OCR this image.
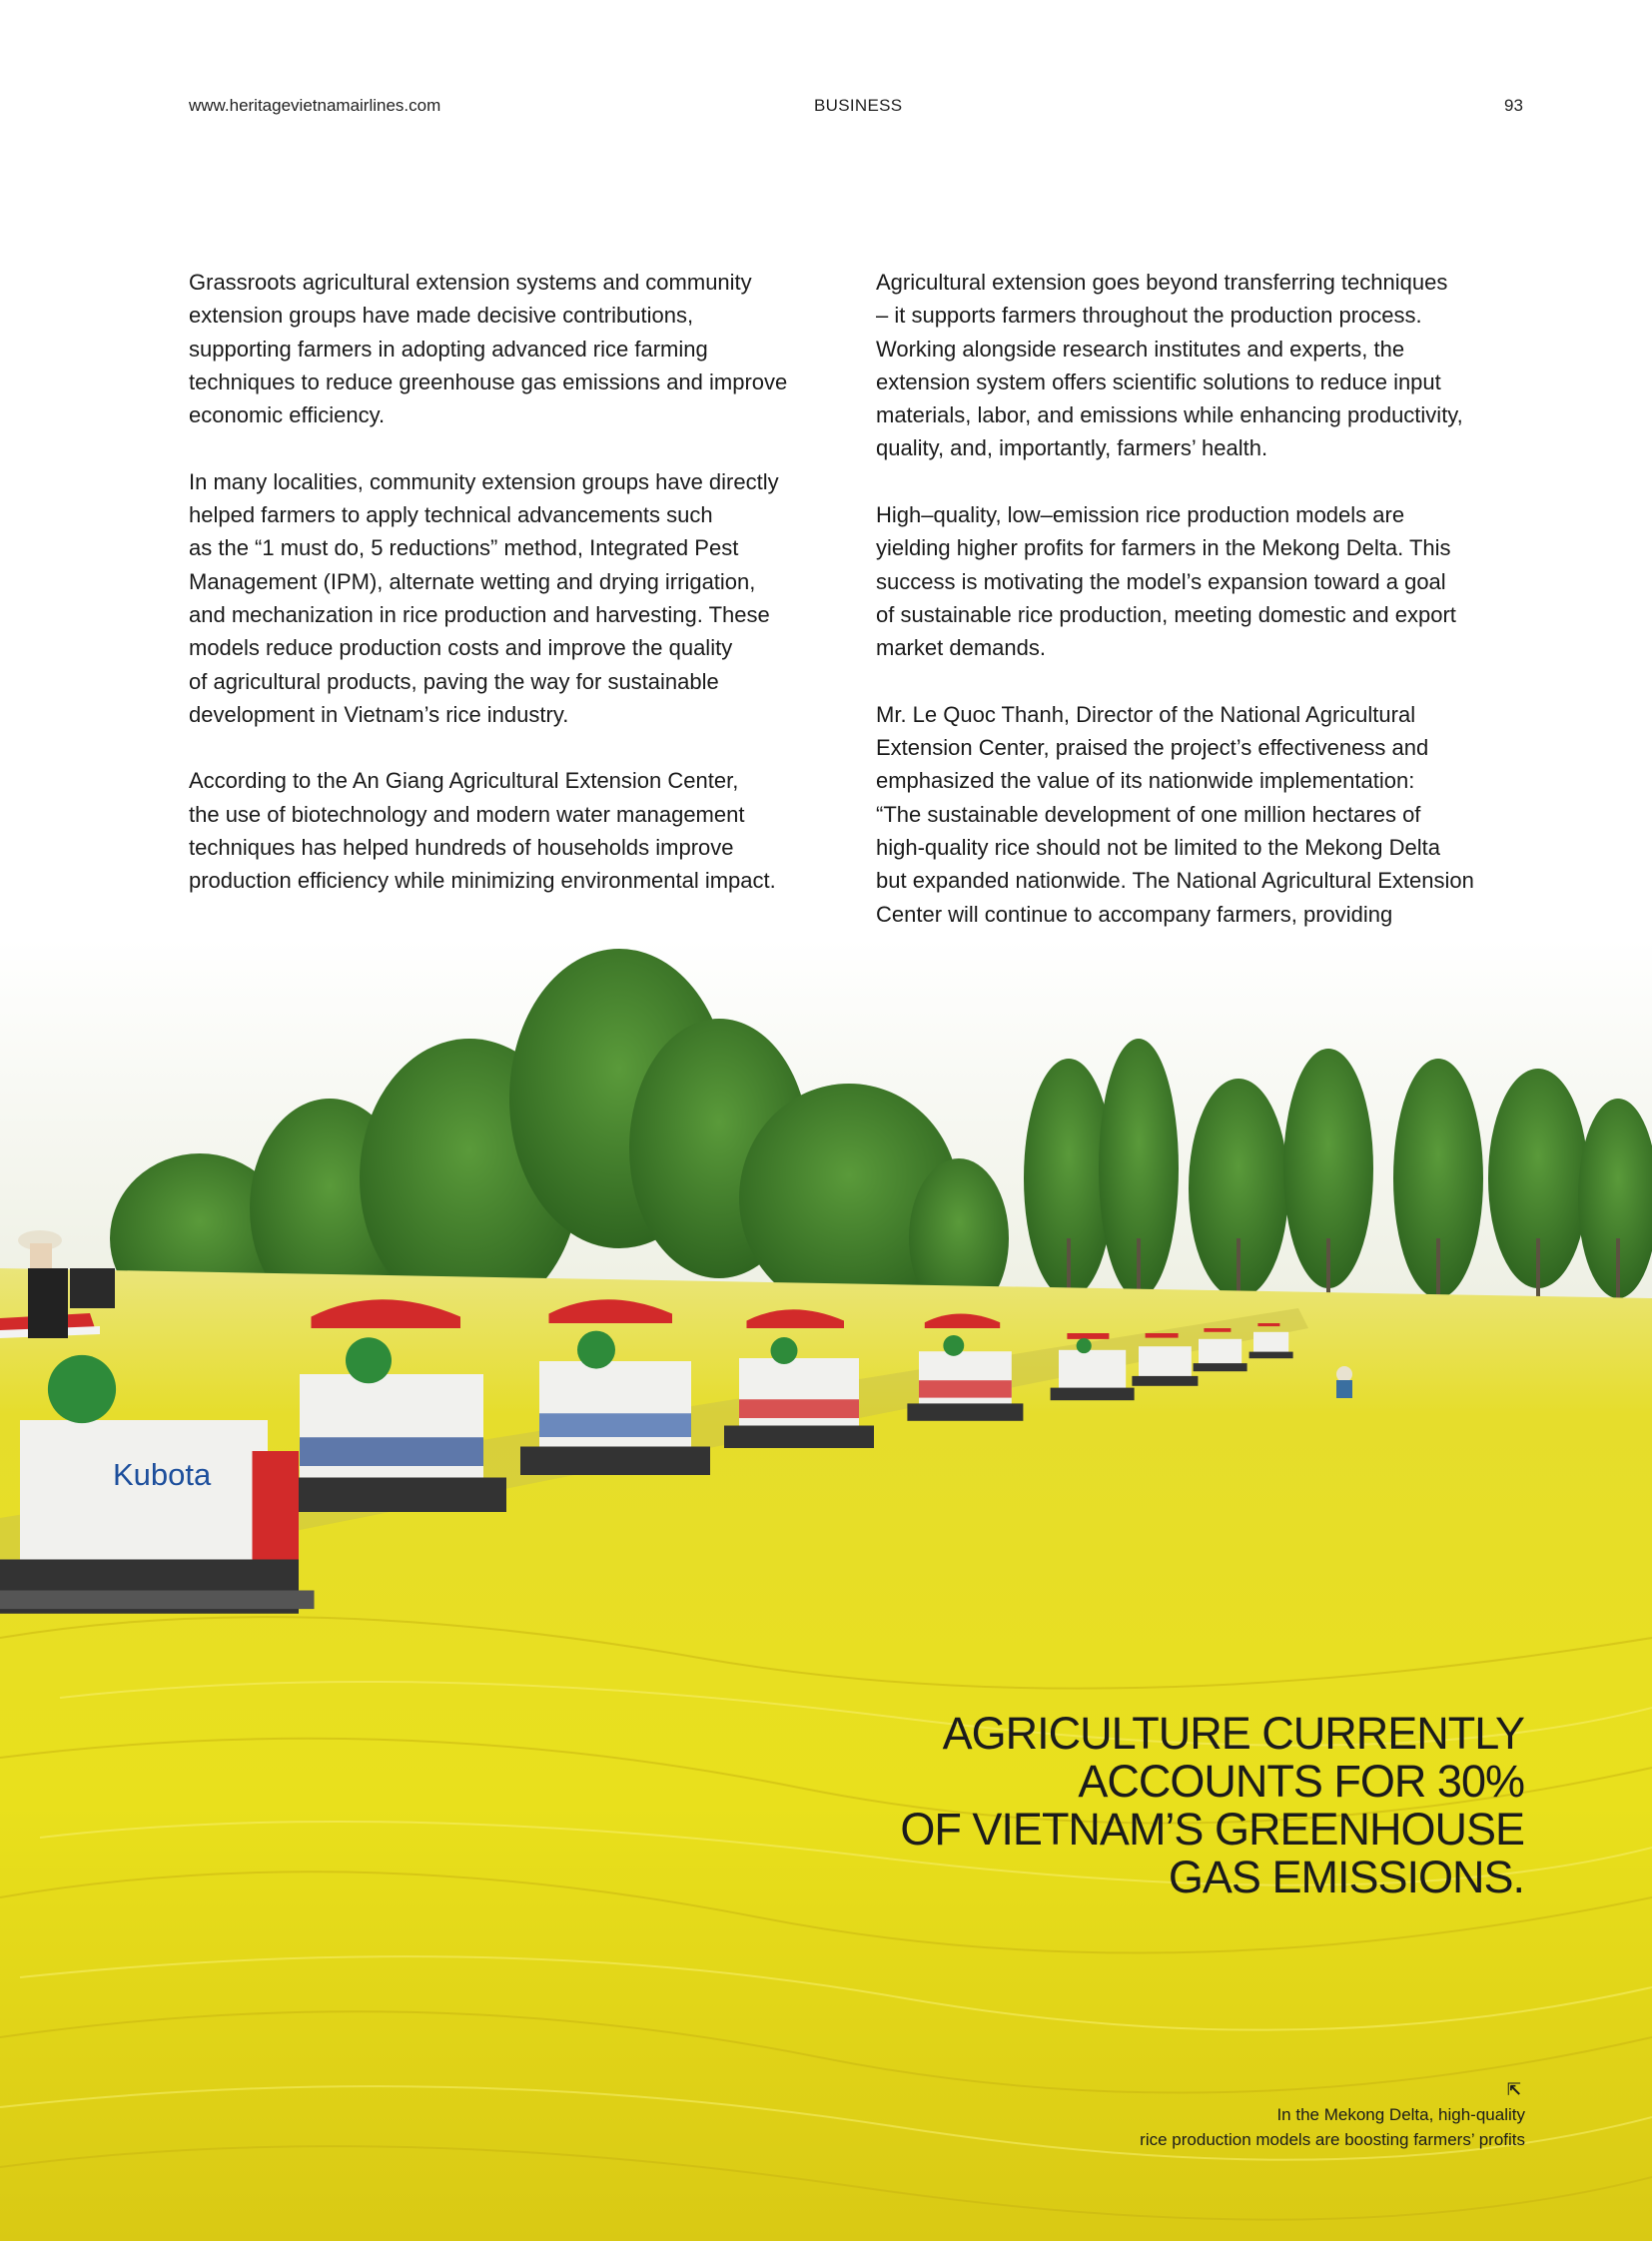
www.heritagevietnamairlines.com	BUSINESS	93

Grassroots agricultural extension systems and community
extension groups have made decisive contributions,
supporting farmers in adopting advanced rice farming
techniques to reduce greenhouse gas emissions and improve
economic efficiency.

In many localities, community extension groups have directly
helped farmers to apply technical advancements such
as the “1 must do, 5 reductions” method, Integrated Pest
Management (IPM), alternate wetting and drying irrigation,
and mechanization in rice production and harvesting. These
models reduce production costs and improve the quality
of agricultural products, paving the way for sustainable
development in Vietnam’s rice industry.

According to the An Giang Agricultural Extension Center,
the use of biotechnology and modern water management
techniques has helped hundreds of households improve
production efficiency while minimizing environmental impact.

Agricultural extension goes beyond transferring techniques
– it supports farmers throughout the production process.
Working alongside research institutes and experts, the
extension system offers scientific solutions to reduce input
materials, labor, and emissions while enhancing productivity,
quality, and, importantly, farmers’ health.

High–quality, low–emission rice production models are
yielding higher profits for farmers in the Mekong Delta. This
success is motivating the model’s expansion toward a goal
of sustainable rice production, meeting domestic and export
market demands.

Mr. Le Quoc Thanh, Director of the National Agricultural
Extension Center, praised the project’s effectiveness and
emphasized the value of its nationwide implementation:
“The sustainable development of one million hectares of
high-quality rice should not be limited to the Mekong Delta
but expanded nationwide. The National Agricultural Extension
Center will continue to accompany farmers, providing

Kubota
AGRICULTURE CURRENTLY
ACCOUNTS FOR 30%
OF VIETNAM’S GREENHOUSE
GAS EMISSIONS.
⇱
In the Mekong Delta, high-quality
rice production models are boosting farmers’ profits
